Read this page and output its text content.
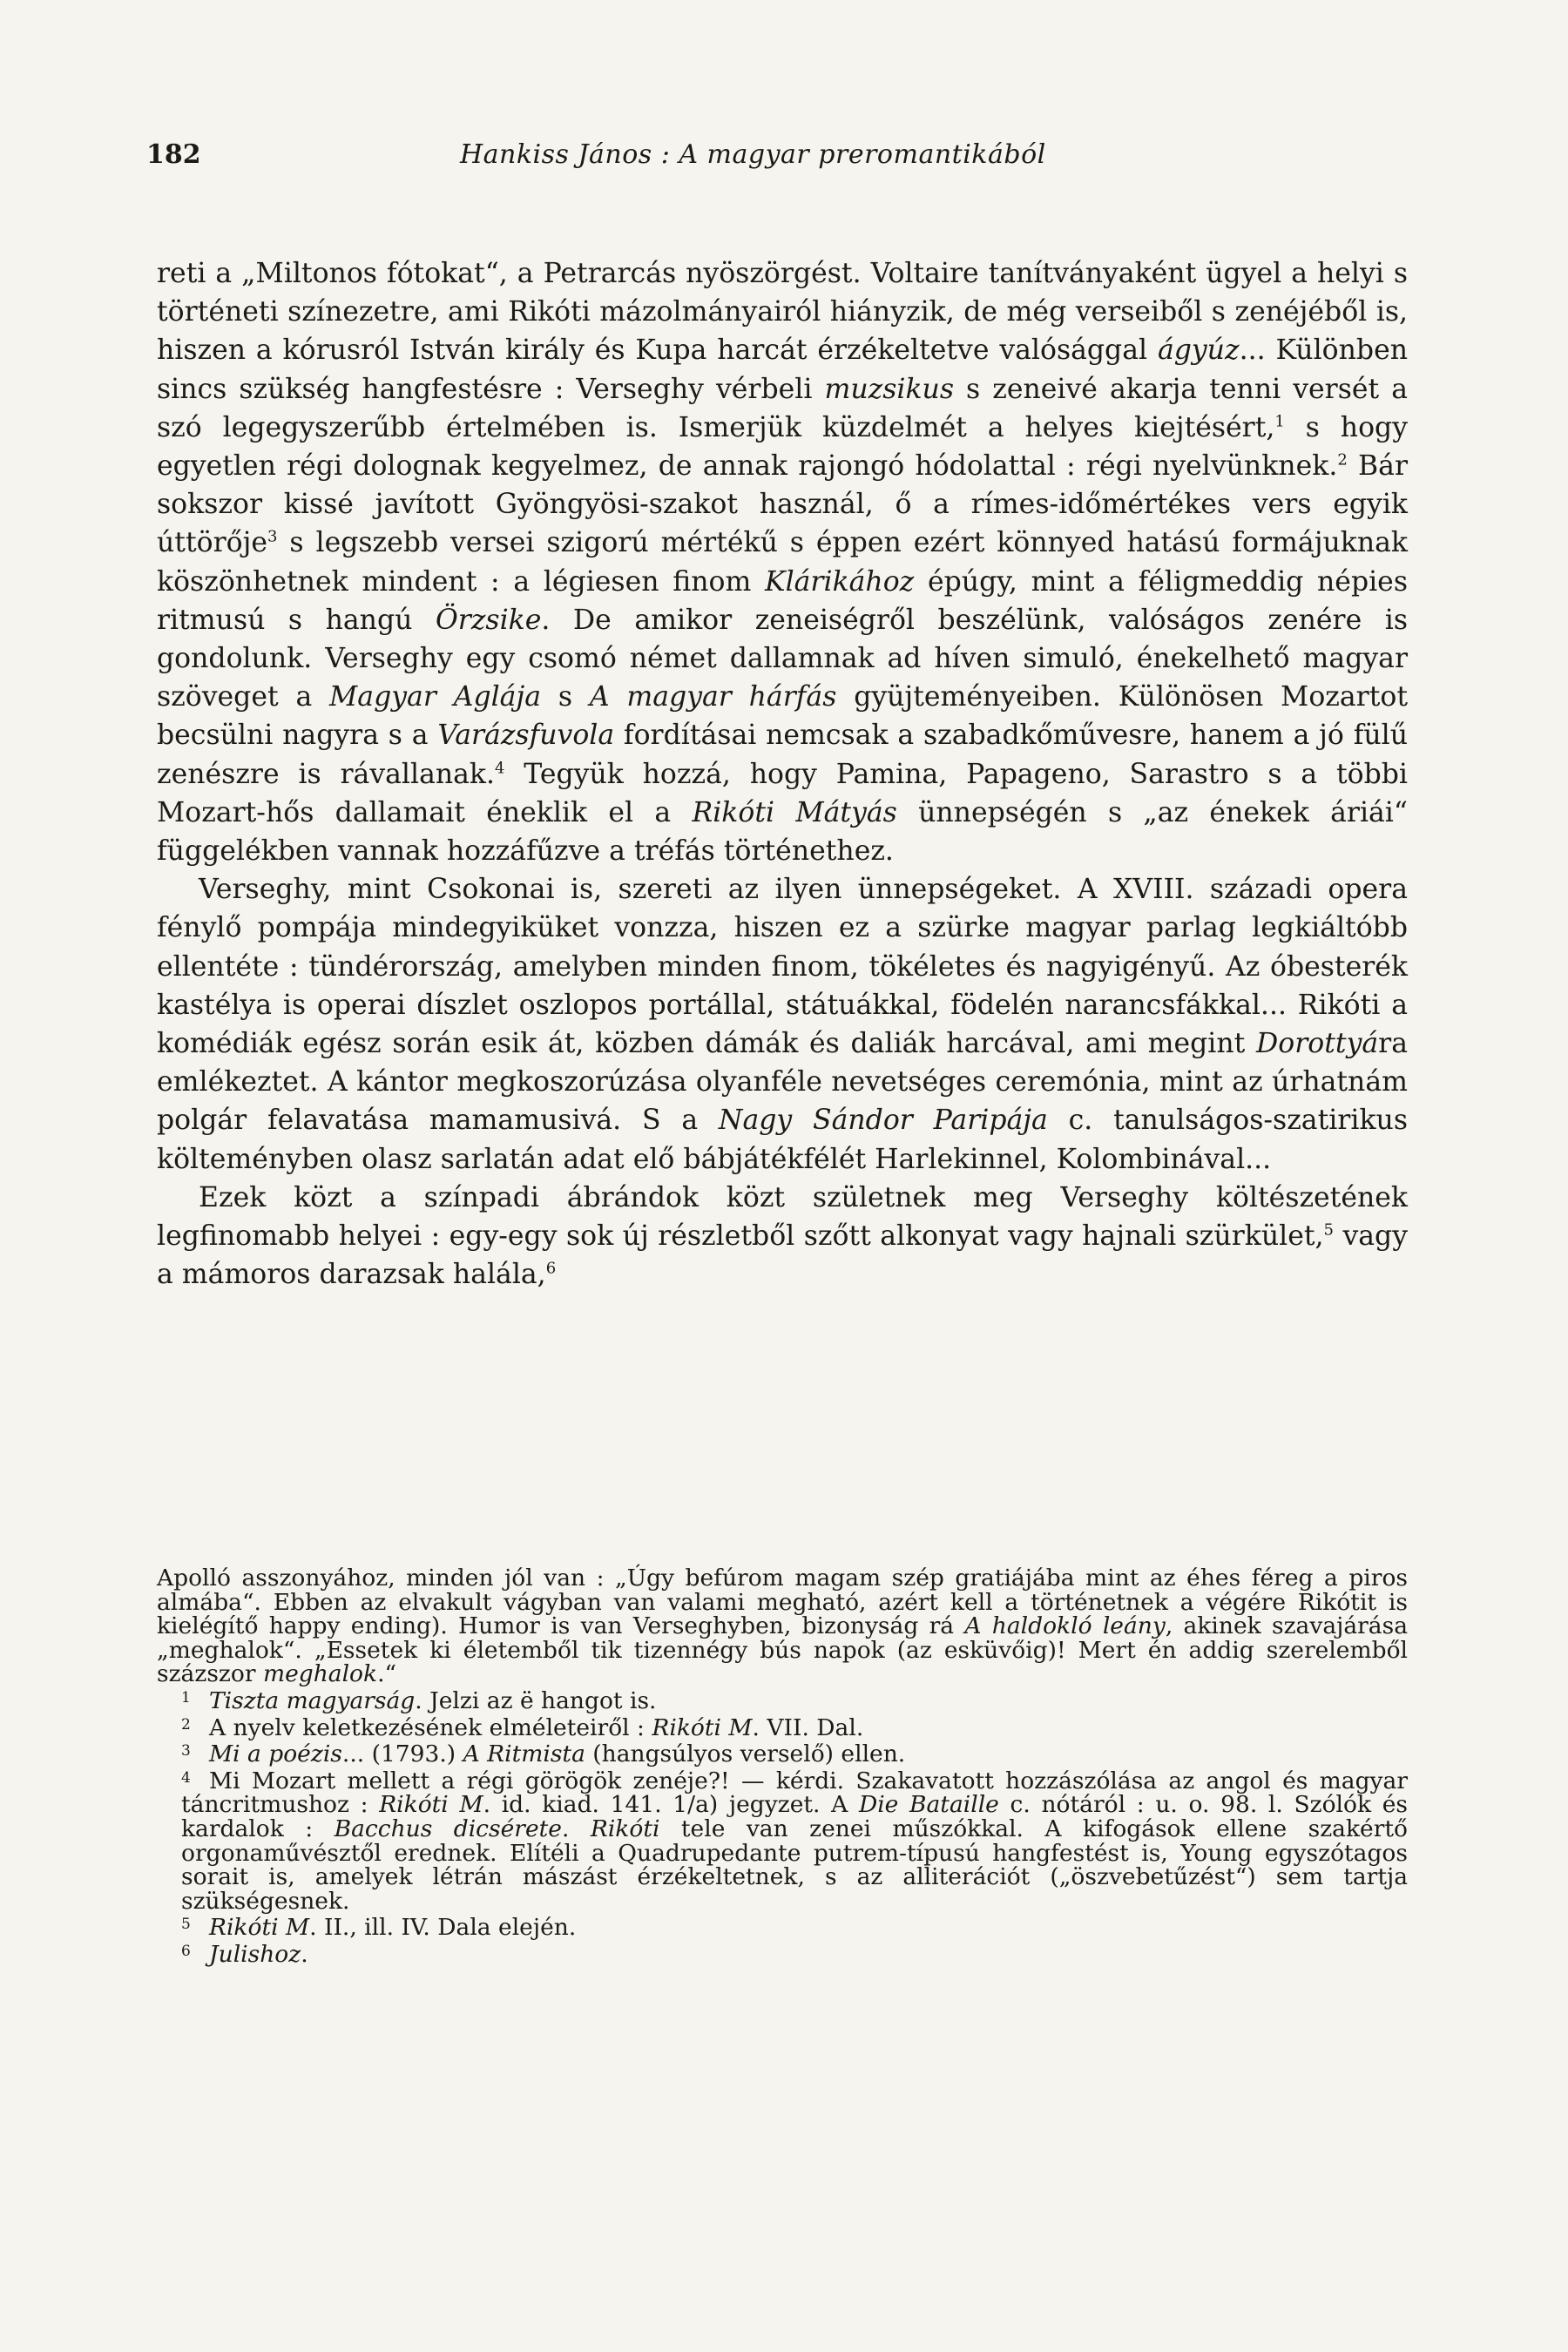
182	Hankiss János : A magyar preromantikából

reti a „Miltonos fótokat“, a Petrarcás nyöszörgést. Voltaire tanítványaként ügyel a helyi s történeti színezetre, ami Rikóti mázolmányairól hiányzik, de még verseiből s zenéjéből is, hiszen a kórusról István király és Kupa harcát érzékeltetve valósággal ágyúz... Különben sincs szükség hangfestésre : Verseghy vérbeli muzsikus s zeneivé akarja tenni versét a szó legegyszerűbb értelmében is. Ismerjük küzdelmét a helyes kiejtésért,$^1$ s hogy egyetlen régi dolognak kegyelmez, de annak rajongó hódolattal : régi nyelvünknek.$^2$ Bár sokszor kissé javított Gyöngyösi-szakot használ, ő a rímes-időmértékes vers egyik úttörője$^3$ s legszebb versei szigorú mértékű s éppen ezért könnyed hatású formájuknak köszönhetnek mindent : a légiesen finom Klárikához épúgy, mint a féligmeddig népies ritmusú s hangú Örzsike. De amikor zeneiségről beszélünk, valóságos zenére is gondolunk. Verseghy egy csomó német dallamnak ad híven simuló, énekelhető magyar szöveget a Magyar Aglája s A magyar hárfás gyüjteményeiben. Különösen Mozartot becsülni nagyra s a Varázsfuvola fordításai nemcsak a szabadkőművesre, hanem a jó fülű zenészre is rávallanak.$^4$ Tegyük hozzá, hogy Pamina, Papageno, Sarastro s a többi Mozart-hős dallamait éneklik el a Rikóti Mátyás ünnepségén s „az énekek áriái“ függelékben vannak hozzáfűzve a tréfás történethez.

Verseghy, mint Csokonai is, szereti az ilyen ünnepségeket. A XVIII. századi opera fénylő pompája mindegyiküket vonzza, hiszen ez a szürke magyar parlag legkiáltóbb ellentéte : tündérország, amelyben minden finom, tökéletes és nagyigényű. Az óbesterék kastélya is operai díszlet oszlopos portállal, státuákkal, födelén narancsfákkal... Rikóti a komédiák egész során esik át, közben dámák és daliák harcával, ami megint Dorottyára emlékeztet. A kántor megkoszorúzása olyanféle nevetséges ceremónia, mint az úrhatnám polgár felavatása mamamusivá. S a Nagy Sándor Paripája c. tanulságos-szatirikus költeményben olasz sarlatán adat elő bábjátékfélét Harlekinnel, Kolombinával...

Ezek közt a színpadi ábrándok közt születnek meg Verseghy költészetének legfinomabb helyei : egy-egy sok új részletből szőtt alkonyat vagy hajnali szürkület,$^5$ vagy a mámoros darazsak halála,$^6$

Apolló asszonyához, minden jól van : „Úgy befúrom magam szép gratiájába mint az éhes féreg a piros almába“. Ebben az elvakult vágyban van valami megható, azért kell a történetnek a végére Rikótit is kielégítő happy ending). Humor is van Verseghyben, bizonyság rá A haldokló leány, akinek szavajárása „meghalok“. „Essetek ki életemből tik tizennégy bús napok (az esküvőig)! Mert én addig szerelemből százszor meghalok.“

1 Tiszta magyarság. Jelzi az ë hangot is.

2 A nyelv keletkezésének elméleteiről : Rikóti M. VII. Dal.

3 Mi a poézis... (1793.) A Ritmista (hangsúlyos verselő) ellen.

4 Mi Mozart mellett a régi görögök zenéje?! — kérdi. Szakavatott hozzászólása az angol és magyar táncritmushoz : Rikóti M. id. kiad. 141. 1/a) jegyzet. A Die Bataille c. nótáról : u. o. 98. l. Szólók és kardalok : Bacchus dicsérete. Rikóti tele van zenei műszókkal. A kifogások ellene szakértő orgonaművésztől erednek. Elítéli a Quadrupedante putrem-típusú hangfestést is, Young egyszótagos sorait is, amelyek létrán mászást érzékeltetnek, s az alliterációt („öszvebetűzést“) sem tartja szükségesnek.

5 Rikóti M. II., ill. IV. Dala elején.

6 Julishoz.
